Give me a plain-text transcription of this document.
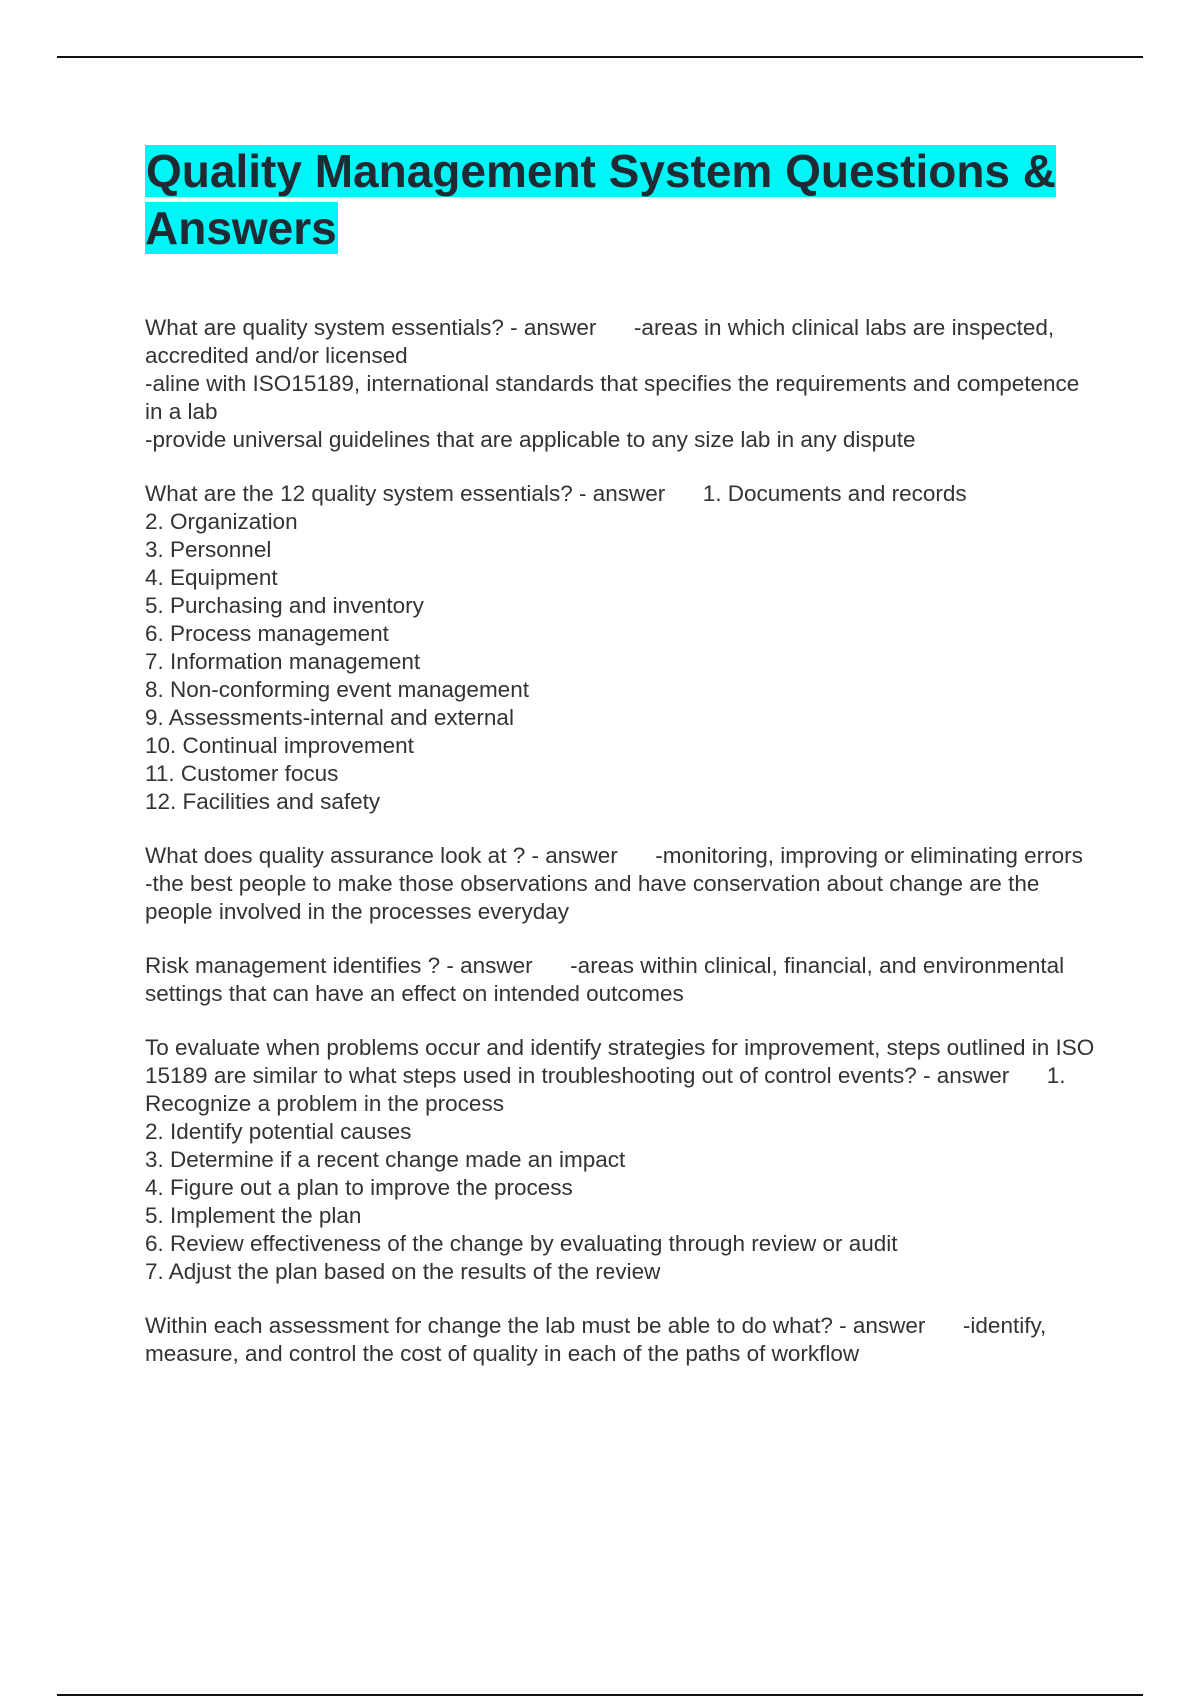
Quality Management System Questions & Answers

What are quality system essentials? - answer      -areas in which clinical labs are inspected, accredited and/or licensed
-aline with ISO15189, international standards that specifies the requirements and competence in a lab
-provide universal guidelines that are applicable to any size lab in any dispute

What are the 12 quality system essentials? - answer      1. Documents and records
2. Organization
3. Personnel
4. Equipment
5. Purchasing and inventory
6. Process management
7. Information management
8. Non-conforming event management
9. Assessments-internal and external
10. Continual improvement
11. Customer focus
12. Facilities and safety

What does quality assurance look at ? - answer      -monitoring, improving or eliminating errors
-the best people to make those observations and have conservation about change are the people involved in the processes everyday

Risk management identifies ? - answer      -areas within clinical, financial, and environmental settings that can have an effect on intended outcomes

To evaluate when problems occur and identify strategies for improvement, steps outlined in ISO 15189 are similar to what steps used in troubleshooting out of control events? - answer      1. Recognize a problem in the process
2. Identify potential causes
3. Determine if a recent change made an impact
4. Figure out a plan to improve the process
5. Implement the plan
6. Review effectiveness of the change by evaluating through review or audit
7. Adjust the plan based on the results of the review

Within each assessment for change the lab must be able to do what? - answer      -identify, measure, and control the cost of quality in each of the paths of workflow
